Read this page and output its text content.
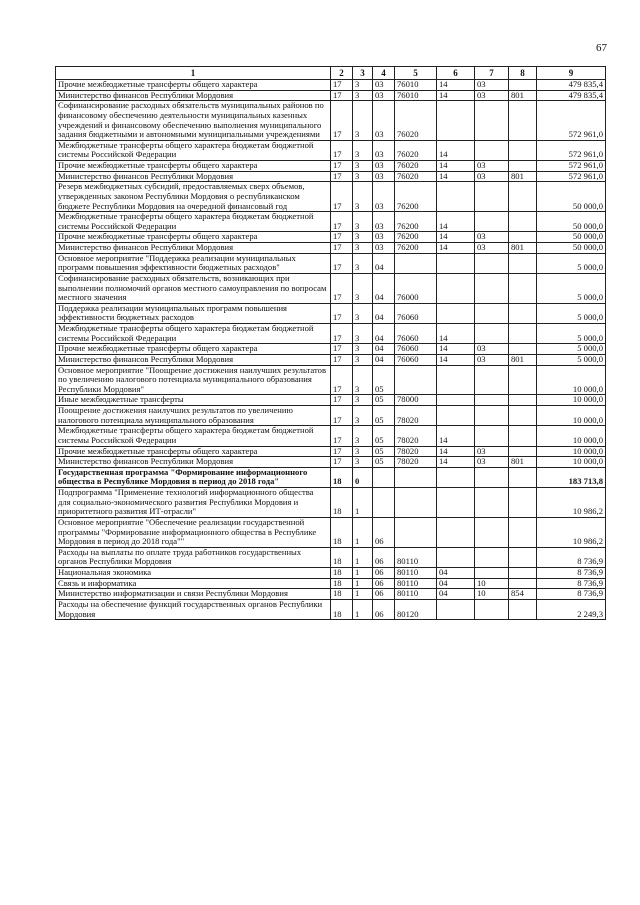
67
1	2	3	4	5	6	7	8	9
Прочие межбюджетные трансферты общего характера	17	3	03	76010	14	03		479 835,4
Министерство финансов Республики Мордовия	17	3	03	76010	14	03	801	479 835,4
Софинансирование расходных обязательств муниципальных районов по финансовому обеспечению деятельности муниципальных казенных учреждений и финансовому обеспечению выполнения муниципального задания бюджетными и автономными муниципальными учреждениями	17	3	03	76020				572 961,0
Межбюджетные трансферты общего характера бюджетам бюджетной системы Российской Федерации	17	3	03	76020	14			572 961,0
Прочие межбюджетные трансферты общего характера	17	3	03	76020	14	03		572 961,0
Министерство финансов Республики Мордовия	17	3	03	76020	14	03	801	572 961,0
Резерв межбюджетных субсидий, предоставляемых сверх объемов, утвержденных законом Республики Мордовия о республиканском бюджете Республики Мордовия на очередной финансовый год	17	3	03	76200				50 000,0
Межбюджетные трансферты общего характера бюджетам бюджетной системы Российской Федерации	17	3	03	76200	14			50 000,0
Прочие межбюджетные трансферты общего характера	17	3	03	76200	14	03		50 000,0
Министерство финансов Республики Мордовия	17	3	03	76200	14	03	801	50 000,0
Основное мероприятие "Поддержка реализации муниципальных программ повышения эффективности бюджетных расходов"	17	3	04					5 000,0
Софинансирование расходных обязательств, возникающих при выполнении полномочий органов местного самоуправления по вопросам местного значения	17	3	04	76000				5 000,0
Поддержка реализации муниципальных программ повышения эффективности бюджетных расходов	17	3	04	76060				5 000,0
Межбюджетные трансферты общего характера бюджетам бюджетной системы Российской Федерации	17	3	04	76060	14			5 000,0
Прочие межбюджетные трансферты общего характера	17	3	04	76060	14	03		5 000,0
Министерство финансов Республики Мордовия	17	3	04	76060	14	03	801	5 000,0
Основное мероприятие "Поощрение достижения наилучших результатов по увеличению налогового потенциала муниципального образования Республики Мордовия"	17	3	05					10 000,0
Иные межбюджетные трансферты	17	3	05	78000				10 000,0
Поощрение достижения наилучших результатов по увеличению налогового потенциала муниципального образования	17	3	05	78020				10 000,0
Межбюджетные трансферты общего характера бюджетам бюджетной системы Российской Федерации	17	3	05	78020	14			10 000,0
Прочие межбюджетные трансферты общего характера	17	3	05	78020	14	03		10 000,0
Министерство финансов Республики Мордовия	17	3	05	78020	14	03	801	10 000,0
Государственная программа "Формирование информационного общества в Республике Мордовия в период до 2018 года"	18	0						183 713,8
Подпрограмма "Применение технологий информационного общества для социально-экономического развития Республики Мордовия и приоритетного развития ИТ-отрасли"	18	1						10 986,2
Основное мероприятие "Обеспечение реализации государственной программы "Формирование информационного общества в Республике Мордовия в период до 2018 года""	18	1	06					10 986,2
Расходы на выплаты по оплате труда работников государственных органов Республики Мордовия	18	1	06	80110				8 736,9
Национальная экономика	18	1	06	80110	04			8 736,9
Связь и информатика	18	1	06	80110	04	10		8 736,9
Министерство информатизации и связи Республики Мордовия	18	1	06	80110	04	10	854	8 736,9
Расходы на обеспечение функций государственных органов Республики Мордовия	18	1	06	80120				2 249,3
